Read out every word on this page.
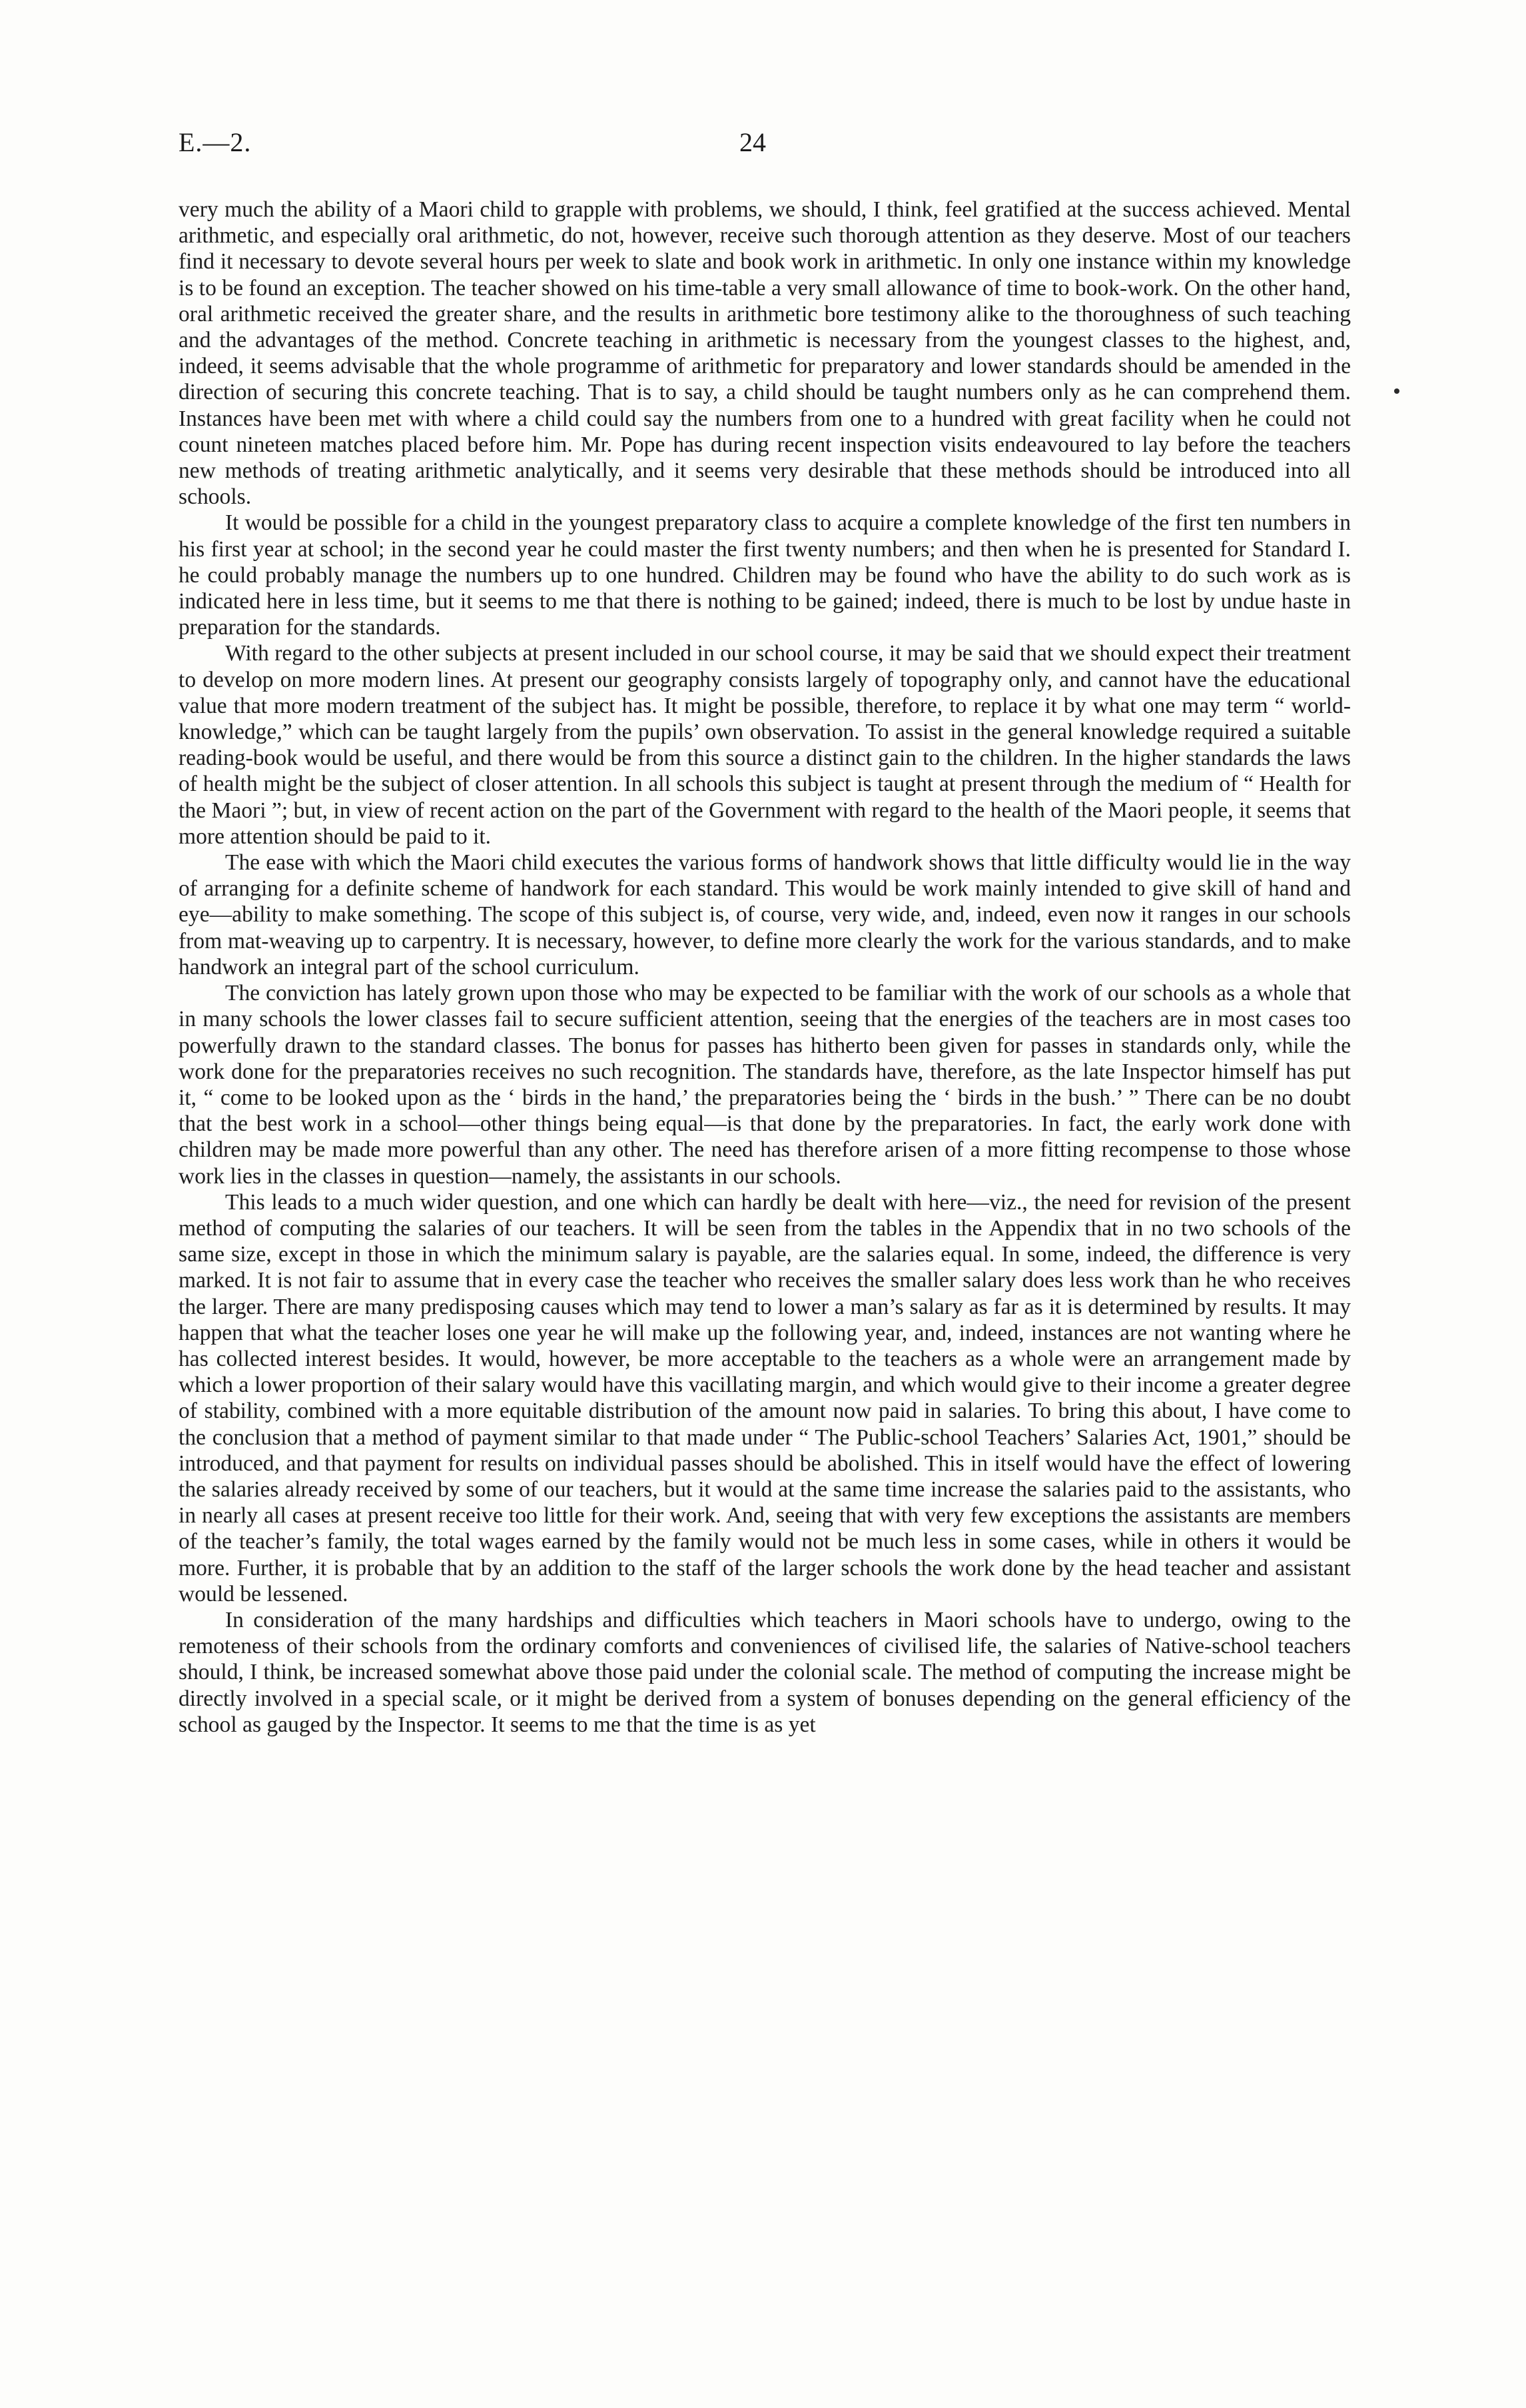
E.—2.	24

very much the ability of a Maori child to grapple with problems, we should, I think, feel gratified at the success achieved. Mental arithmetic, and especially oral arithmetic, do not, however, receive such thorough attention as they deserve. Most of our teachers find it necessary to devote several hours per week to slate and book work in arithmetic. In only one instance within my knowledge is to be found an exception. The teacher showed on his time-table a very small allowance of time to book-work. On the other hand, oral arithmetic received the greater share, and the results in arithmetic bore testimony alike to the thoroughness of such teaching and the advantages of the method. Concrete teaching in arithmetic is necessary from the youngest classes to the highest, and, indeed, it seems advisable that the whole programme of arithmetic for preparatory and lower standards should be amended in the direction of securing this concrete teaching. That is to say, a child should be taught numbers only as he can comprehend them. Instances have been met with where a child could say the numbers from one to a hundred with great facility when he could not count nineteen matches placed before him. Mr. Pope has during recent inspection visits endeavoured to lay before the teachers new methods of treating arithmetic analytically, and it seems very desirable that these methods should be introduced into all schools.

It would be possible for a child in the youngest preparatory class to acquire a complete knowledge of the first ten numbers in his first year at school; in the second year he could master the first twenty numbers; and then when he is presented for Standard I. he could probably manage the numbers up to one hundred. Children may be found who have the ability to do such work as is indicated here in less time, but it seems to me that there is nothing to be gained; indeed, there is much to be lost by undue haste in preparation for the standards.

With regard to the other subjects at present included in our school course, it may be said that we should expect their treatment to develop on more modern lines. At present our geography consists largely of topography only, and cannot have the educational value that more modern treatment of the subject has. It might be possible, therefore, to replace it by what one may term “ world-knowledge,” which can be taught largely from the pupils’ own observation. To assist in the general knowledge required a suitable reading-book would be useful, and there would be from this source a distinct gain to the children. In the higher standards the laws of health might be the subject of closer attention. In all schools this subject is taught at present through the medium of “ Health for the Maori ”; but, in view of recent action on the part of the Government with regard to the health of the Maori people, it seems that more attention should be paid to it.

The ease with which the Maori child executes the various forms of handwork shows that little difficulty would lie in the way of arranging for a definite scheme of handwork for each standard. This would be work mainly intended to give skill of hand and eye—ability to make something. The scope of this subject is, of course, very wide, and, indeed, even now it ranges in our schools from mat-weaving up to carpentry. It is necessary, however, to define more clearly the work for the various standards, and to make handwork an integral part of the school curriculum.

The conviction has lately grown upon those who may be expected to be familiar with the work of our schools as a whole that in many schools the lower classes fail to secure sufficient attention, seeing that the energies of the teachers are in most cases too powerfully drawn to the standard classes. The bonus for passes has hitherto been given for passes in standards only, while the work done for the preparatories receives no such recognition. The standards have, therefore, as the late Inspector himself has put it, “ come to be looked upon as the ‘ birds in the hand,’ the preparatories being the ‘ birds in the bush.’ ” There can be no doubt that the best work in a school—other things being equal—is that done by the preparatories. In fact, the early work done with children may be made more powerful than any other. The need has therefore arisen of a more fitting recompense to those whose work lies in the classes in question—namely, the assistants in our schools.

This leads to a much wider question, and one which can hardly be dealt with here—viz., the need for revision of the present method of computing the salaries of our teachers. It will be seen from the tables in the Appendix that in no two schools of the same size, except in those in which the minimum salary is payable, are the salaries equal. In some, indeed, the difference is very marked. It is not fair to assume that in every case the teacher who receives the smaller salary does less work than he who receives the larger. There are many predisposing causes which may tend to lower a man’s salary as far as it is determined by results. It may happen that what the teacher loses one year he will make up the following year, and, indeed, instances are not wanting where he has collected interest besides. It would, however, be more acceptable to the teachers as a whole were an arrangement made by which a lower proportion of their salary would have this vacillating margin, and which would give to their income a greater degree of stability, combined with a more equitable distribution of the amount now paid in salaries. To bring this about, I have come to the conclusion that a method of payment similar to that made under “ The Public-school Teachers’ Salaries Act, 1901,” should be introduced, and that payment for results on individual passes should be abolished. This in itself would have the effect of lowering the salaries already received by some of our teachers, but it would at the same time increase the salaries paid to the assistants, who in nearly all cases at present receive too little for their work. And, seeing that with very few exceptions the assistants are members of the teacher’s family, the total wages earned by the family would not be much less in some cases, while in others it would be more. Further, it is probable that by an addition to the staff of the larger schools the work done by the head teacher and assistant would be lessened.

In consideration of the many hardships and difficulties which teachers in Maori schools have to undergo, owing to the remoteness of their schools from the ordinary comforts and conveniences of civilised life, the salaries of Native-school teachers should, I think, be increased somewhat above those paid under the colonial scale. The method of computing the increase might be directly involved in a special scale, or it might be derived from a system of bonuses depending on the general efficiency of the school as gauged by the Inspector. It seems to me that the time is as yet
